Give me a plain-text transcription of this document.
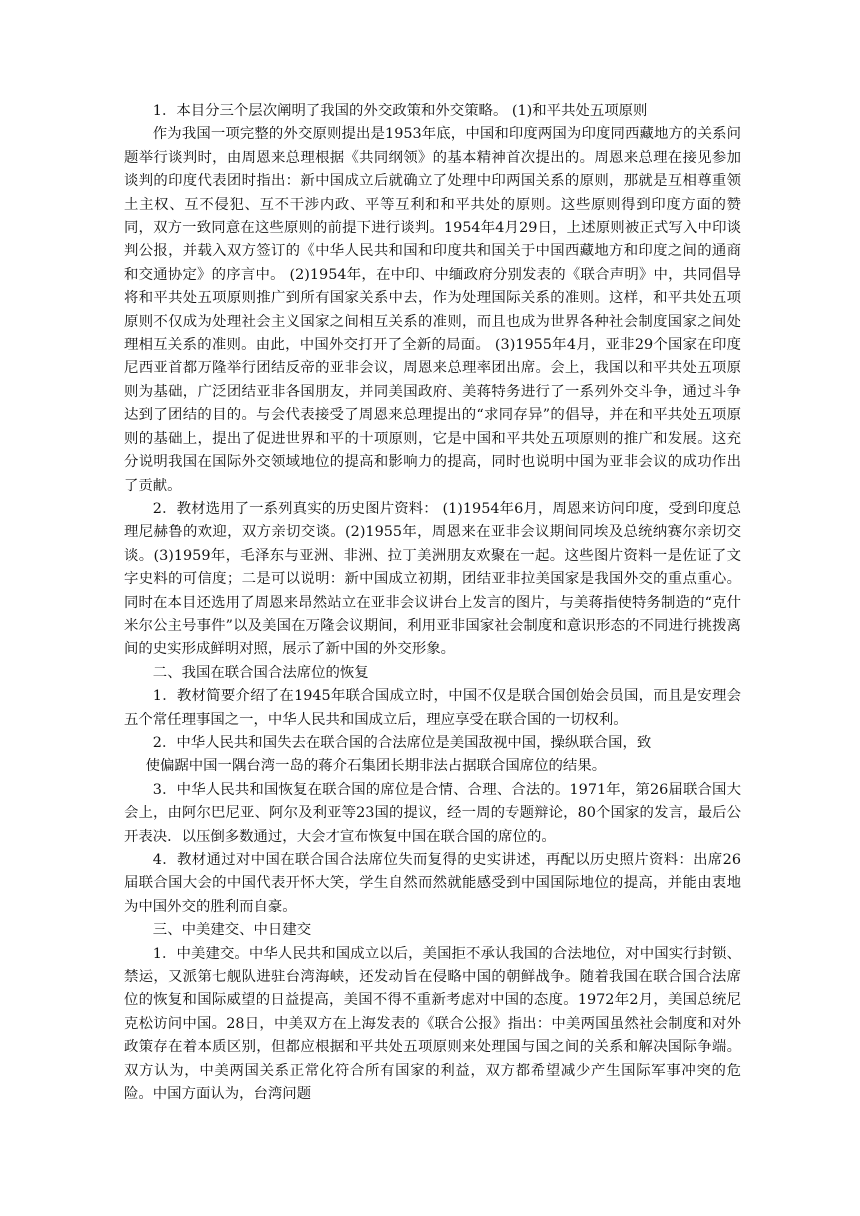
1．本目分三个层次阐明了我国的外交政策和外交策略。 (1)和平共处五项原则

作为我国一项完整的外交原则提出是1953年底，中国和印度两国为印度同西藏地方的关系问题举行谈判时，由周恩来总理根据《共同纲领》的基本精神首次提出的。周恩来总理在接见参加谈判的印度代表团时指出：新中国成立后就确立了处理中印两国关系的原则，那就是互相尊重领土主权、互不侵犯、互不干涉内政、平等互利和和平共处的原则。这些原则得到印度方面的赞同，双方一致同意在这些原则的前提下进行谈判。1954年4月29日，上述原则被正式写入中印谈判公报，并载入双方签订的《中华人民共和国和印度共和国关于中国西藏地方和印度之间的通商和交通协定》的序言中。 (2)1954年，在中印、中缅政府分别发表的《联合声明》中，共同倡导将和平共处五项原则推广到所有国家关系中去，作为处理国际关系的准则。这样，和平共处五项原则不仅成为处理社会主义国家之间相互关系的准则，而且也成为世界各种社会制度国家之间处理相互关系的准则。由此，中国外交打开了全新的局面。 (3)1955年4月，亚非29个国家在印度尼西亚首都万隆举行团结反帝的亚非会议，周恩来总理率团出席。会上，我国以和平共处五项原则为基础，广泛团结亚非各国朋友，并同美国政府、美蒋特务进行了一系列外交斗争，通过斗争达到了团结的目的。与会代表接受了周恩来总理提出的“求同存异”的倡导，并在和平共处五项原则的基础上，提出了促进世界和平的十项原则，它是中国和平共处五项原则的推广和发展。这充分说明我国在国际外交领域地位的提高和影响力的提高，同时也说明中国为亚非会议的成功作出了贡献。

2．教材选用了一系列真实的历史图片资料： (1)1954年6月，周恩来访问印度，受到印度总理尼赫鲁的欢迎，双方亲切交谈。(2)1955年，周恩来在亚非会议期间同埃及总统纳赛尔亲切交谈。(3)1959年，毛泽东与亚洲、非洲、拉丁美洲朋友欢聚在一起。这些图片资料一是佐证了文字史料的可信度；二是可以说明：新中国成立初期，团结亚非拉美国家是我国外交的重点重心。同时在本目还选用了周恩来昂然站立在亚非会议讲台上发言的图片，与美蒋指使特务制造的“克什米尔公主号事件”以及美国在万隆会议期间，利用亚非国家社会制度和意识形态的不同进行挑拨离间的史实形成鲜明对照，展示了新中国的外交形象。

二、我国在联合国合法席位的恢复

1．教材简要介绍了在1945年联合国成立时，中国不仅是联合国创始会员国，而且是安理会五个常任理事国之一，中华人民共和国成立后，理应享受在联合国的一切权利。

2．中华人民共和国失去在联合国的合法席位是美国敌视中国，操纵联合国，致

使偏踞中国一隅台湾一岛的蒋介石集团长期非法占据联合国席位的结果。

3．中华人民共和国恢复在联合国的席位是合情、合理、合法的。1971年，第26届联合国大会上，由阿尔巴尼亚、阿尔及利亚等23国的提议，经一周的专题辩论，80个国家的发言，最后公开表决．以压倒多数通过，大会才宣布恢复中国在联合国的席位的。

4．教材通过对中国在联合国合法席位失而复得的史实讲述，再配以历史照片资料：出席26届联合国大会的中国代表开怀大笑，学生自然而然就能感受到中国国际地位的提高，并能由衷地为中国外交的胜利而自豪。

三、中美建交、中日建交

1．中美建交。中华人民共和国成立以后，美国拒不承认我国的合法地位，对中国实行封锁、禁运，又派第七舰队进驻台湾海峡，还发动旨在侵略中国的朝鲜战争。随着我国在联合国合法席位的恢复和国际威望的日益提高，美国不得不重新考虑对中国的态度。1972年2月，美国总统尼克松访问中国。28日，中美双方在上海发表的《联合公报》指出：中美两国虽然社会制度和对外政策存在着本质区别，但都应根据和平共处五项原则来处理国与国之间的关系和解决国际争端。双方认为，中美两国关系正常化符合所有国家的利益，双方都希望减少产生国际军事冲突的危险。中国方面认为，台湾问题
